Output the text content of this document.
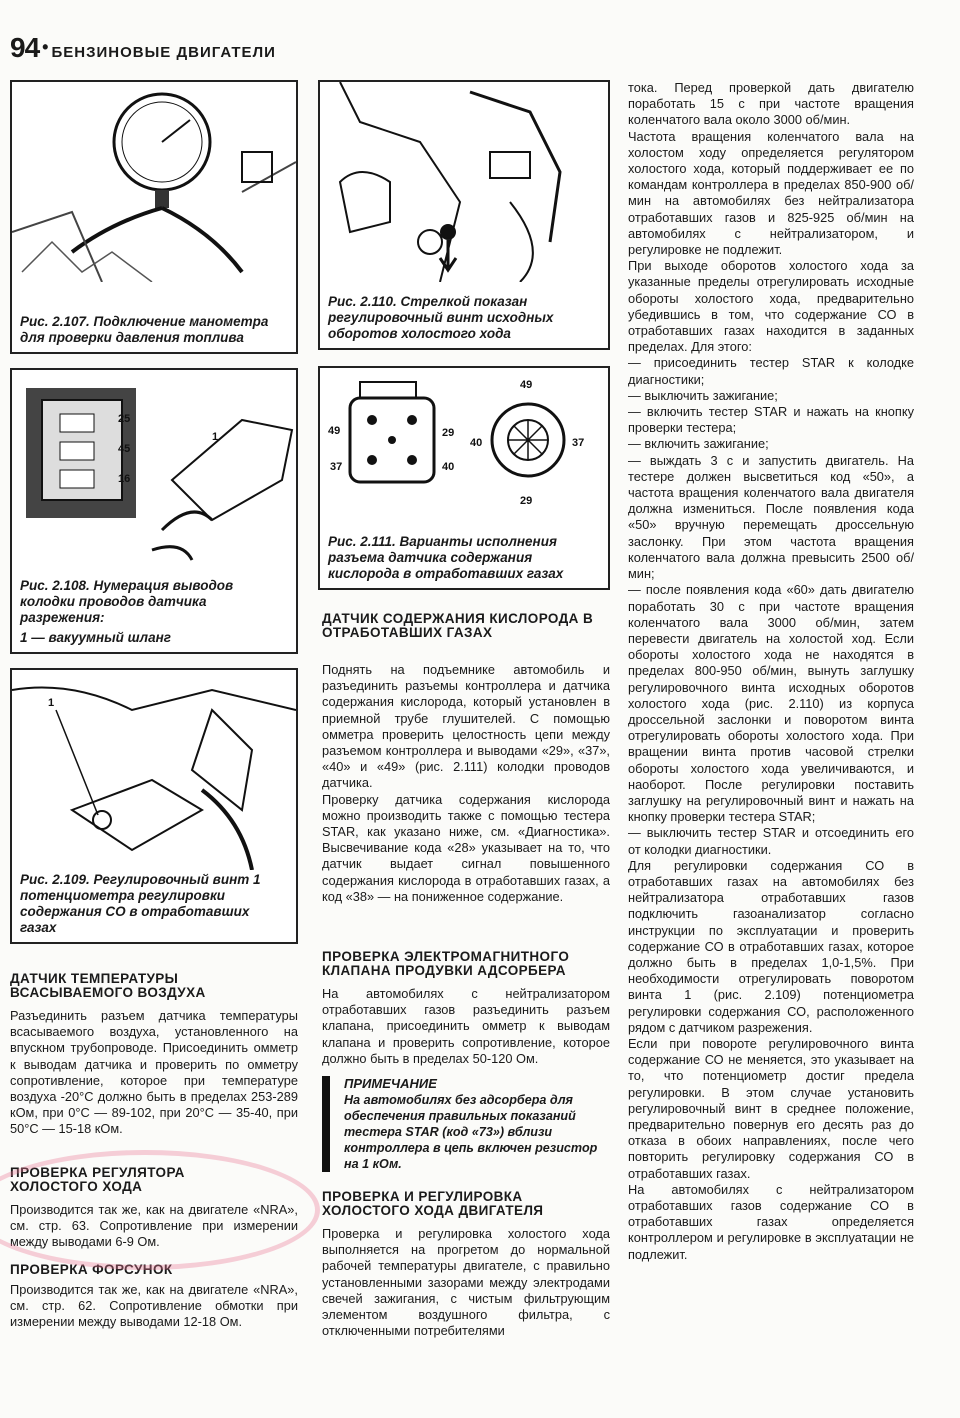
94 • БЕНЗИНОВЫЕ ДВИГАТЕЛИ
Рис. 2.107. Подключение манометра для проверки давления топлива
25
45
16
1
Рис. 2.108. Нумерация выводов колодки проводов датчика разрежения:
1 — вакуумный шланг
1
Рис. 2.109. Регулировочный винт 1 потенциометра регулировки содержания СО в отработавших газах
Рис. 2.110. Стрелкой показан регулировочный винт исходных оборотов холостого хода
49	29
37	40
49
40	37
29
Рис. 2.111. Варианты исполнения разъема датчика содержания кислорода в отработавших газах
ДАТЧИК ТЕМПЕРАТУРЫ ВСАСЫВАЕМОГО ВОЗДУХА

Разъединить разъем датчика температуры всасываемого воздуха, установленного на впускном трубопроводе. Присоединить омметр к выводам датчика и проверить по омметру сопротивление, которое при температуре воздуха -20°С должно быть в пределах 253-289 кОм, при 0°С — 89-102, при 20°С — 35-40, при 50°С — 15-18 кОм.

ПРОВЕРКА РЕГУЛЯТОРА ХОЛОСТОГО ХОДА

Производится так же, как на двигателе «NRA», см. стр. 63. Сопротивление при измерении между выводами 6-9 Ом.

ПРОВЕРКА ФОРСУНОК

Производится так же, как на двигателе «NRA», см. стр. 62. Сопротивление обмотки при измерении между выводами 12-18 Ом.

ДАТЧИК СОДЕРЖАНИЯ КИСЛОРОДА В ОТРАБОТАВШИХ ГАЗАХ

Поднять на подъемнике автомобиль и разъединить разъемы контроллера и датчика содержания кислорода, который установлен в приемной трубе глушителей. С помощью омметра проверить целостность цепи между разъемом контроллера и выводами «29», «37», «40» и «49» (рис. 2.111) колодки проводов датчика.

Проверку датчика содержания кислорода можно производить также с помощью тестера STAR, как указано ниже, см. «Диагностика». Высвечивание кода «28» указывает на то, что датчик выдает сигнал повышенного содержания кислорода в отработавших газах, а код «38» — на пониженное содержание.

ПРОВЕРКА ЭЛЕКТРОМАГНИТНОГО КЛАПАНА ПРОДУВКИ АДСОРБЕРА

На автомобилях с нейтрализатором отработавших газов разъединить разъем клапана, присоединить омметр к выводам клапана и проверить сопротивление, которое должно быть в пределах 50-120 Ом.

ПРИМЕЧАНИЕ
На автомобилях без адсорбера для обеспечения правильных показаний тестера STAR (код «73») вблизи контроллера в цепь включен резистор на 1 кОм.
ПРОВЕРКА И РЕГУЛИРОВКА ХОЛОСТОГО ХОДА ДВИГАТЕЛЯ

Проверка и регулировка холостого хода выполняется на прогретом до нормальной рабочей температуры двигателе, с правильно установленными зазорами между электродами свечей зажигания, с чистым фильтрующим элементом воздушного фильтра, с отключенными потребителями

тока. Перед проверкой дать двигателю поработать 15 с при частоте вращения коленчатого вала около 3000 об/мин.

Частота вращения коленчатого вала на холостом ходу определяется регулятором холостого хода, который поддерживает ее по командам контроллера в пределах 850-900 об/мин на автомобилях без нейтрализатора отработавших газов и 825-925 об/мин на автомобилях с нейтрализатором, и регулировке не подлежит.

При выходе оборотов холостого хода за указанные пределы отрегулировать исходные обороты холостого хода, предварительно убедившись в том, что содержание СО в отработавших газах находится в заданных пределах. Для этого:

— присоединить тестер STAR к колодке диагностики;
— выключить зажигание;
— включить тестер STAR и нажать на кнопку проверки тестера;
— включить зажигание;
— выждать 3 с и запустить двигатель. На тестере должен высветиться код «50», а частота вращения коленчатого вала двигателя должна измениться. После появления кода «50» вручную перемещать дроссельную заслонку. При этом частота вращения коленчатого вала должна превысить 2500 об/мин;
— после появления кода «60» дать двигателю поработать 30 с при частоте вращения коленчатого вала 3000 об/мин, затем перевести двигатель на холостой ход. Если обороты холостого хода не находятся в пределах 800-950 об/мин, вынуть заглушку регулировочного винта исходных оборотов холостого хода (рис. 2.110) из корпуса дроссельной заслонки и поворотом винта отрегулировать обороты холостого хода. При вращении винта против часовой стрелки обороты холостого хода увеличиваются, и наоборот. После регулировки поставить заглушку на регулировочный винт и нажать на кнопку проверки тестера STAR;
— выключить тестер STAR и отсоединить его от колодки диагностики.

Для регулировки содержания СО в отработавших газах на автомобилях без нейтрализатора отработавших газов подключить газоанализатор согласно инструкции по эксплуатации и проверить содержание СО в отработавших газах, которое должно быть в пределах 1,0-1,5%. При необходимости отрегулировать поворотом винта 1 (рис. 2.109) потенциометра регулировки содержания СО, расположенного рядом с датчиком разрежения.

Если при повороте регулировочного винта содержание СО не меняется, это указывает на то, что потенциометр достиг предела регулировки. В этом случае установить регулировочный винт в среднее положение, предварительно повернув его десять раз до отказа в обоих направлениях, после чего повторить регулировку содержания СО в отработавших газах.

На автомобилях с нейтрализатором отработавших газов содержание СО в отработавших газах определяется контроллером и регулировке в эксплуатации не подлежит.
